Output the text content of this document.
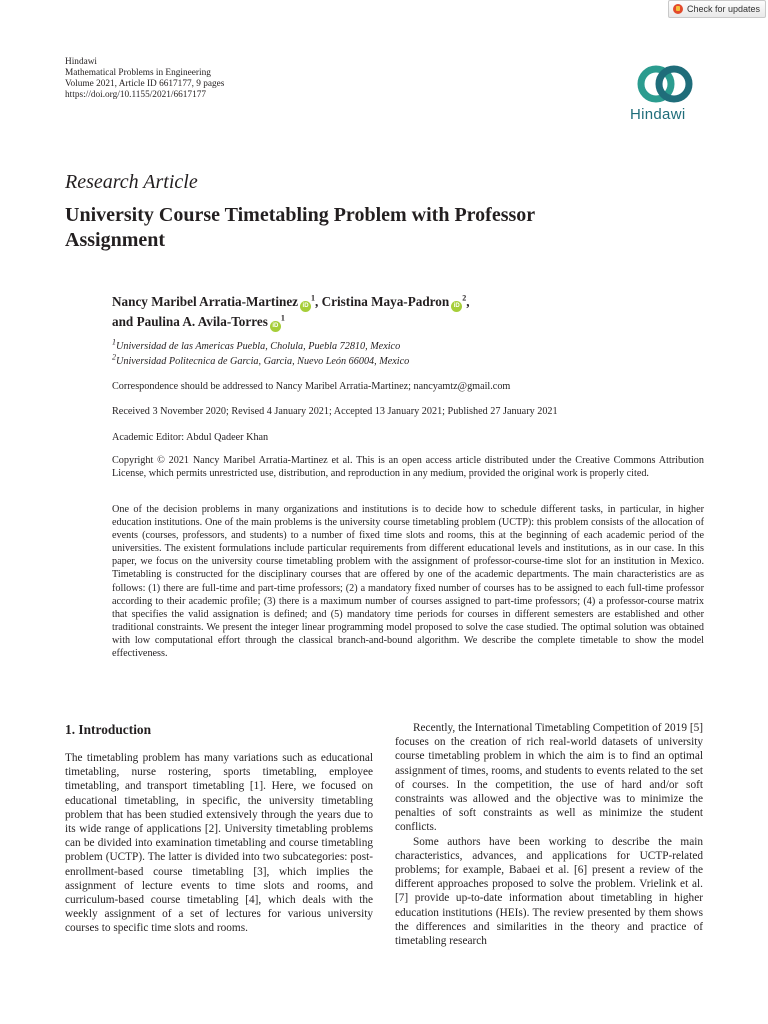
Check for updates
Hindawi
Mathematical Problems in Engineering
Volume 2021, Article ID 6617177, 9 pages
https://doi.org/10.1155/2021/6617177
Hindawi
Research Article
University Course Timetabling Problem with Professor Assignment
Nancy Maribel Arratia-Martinez $iD^1$, Cristina Maya-Padron $iD^2$,
and Paulina A. Avila-Torres $iD^1$
$^1$Universidad de las Americas Puebla, Cholula, Puebla 72810, Mexico
$^2$Universidad Politecnica de Garcia, Garcia, Nuevo León 66004, Mexico
Correspondence should be addressed to Nancy Maribel Arratia-Martinez; nancyamtz@gmail.com
Received 3 November 2020; Revised 4 January 2021; Accepted 13 January 2021; Published 27 January 2021
Academic Editor: Abdul Qadeer Khan
Copyright © 2021 Nancy Maribel Arratia-Martinez et al. This is an open access article distributed under the Creative Commons Attribution License, which permits unrestricted use, distribution, and reproduction in any medium, provided the original work is properly cited.
One of the decision problems in many organizations and institutions is to decide how to schedule different tasks, in particular, in higher education institutions. One of the main problems is the university course timetabling problem (UCTP): this problem consists of the allocation of events (courses, professors, and students) to a number of fixed time slots and rooms, this at the beginning of each academic period of the universities. The existent formulations include particular requirements from different educational levels and institutions, as in our case. In this paper, we focus on the university course timetabling problem with the assignment of professor-course-time slot for an institution in Mexico. Timetabling is constructed for the disciplinary courses that are offered by one of the academic departments. The main characteristics are as follows: (1) there are full-time and part-time professors; (2) a mandatory fixed number of courses has to be assigned to each full-time professor according to their academic profile; (3) there is a maximum number of courses assigned to part-time professors; (4) a professor-course matrix that specifies the valid assignation is defined; and (5) mandatory time periods for courses in different semesters are established and other traditional constraints. We present the integer linear programming model proposed to solve the case studied. The optimal solution was obtained with low computational effort through the classical branch-and-bound algorithm. We describe the complete timetable to show the model effectiveness.
1. Introduction

The timetabling problem has many variations such as educational timetabling, nurse rostering, sports timetabling, employee timetabling, and transport timetabling [1]. Here, we focused on educational timetabling, in specific, the university timetabling problem that has been studied extensively through the years due to its wide range of applications [2]. University timetabling problems can be divided into examination timetabling and course timetabling problem (UCTP). The latter is divided into two subcategories: post-enrollment-based course timetabling [3], which implies the assignment of lecture events to time slots and rooms, and curriculum-based course timetabling [4], which deals with the weekly assignment of a set of lectures for various university courses to specific time slots and rooms.

Recently, the International Timetabling Competition of 2019 [5] focuses on the creation of rich real-world datasets of university course timetabling problem in which the aim is to find an optimal assignment of times, rooms, and students to events related to the set of courses. In the competition, the use of hard and/or soft constraints was allowed and the objective was to minimize the penalties of soft constraints as well as minimize the student conflicts.

Some authors have been working to describe the main characteristics, advances, and applications for UCTP-related problems; for example, Babaei et al. [6] present a review of the different approaches proposed to solve the problem. Vrielink et al. [7] provide up-to-date information about timetabling in higher education institutions (HEIs). The review presented by them shows the differences and similarities in the theory and practice of timetabling research
